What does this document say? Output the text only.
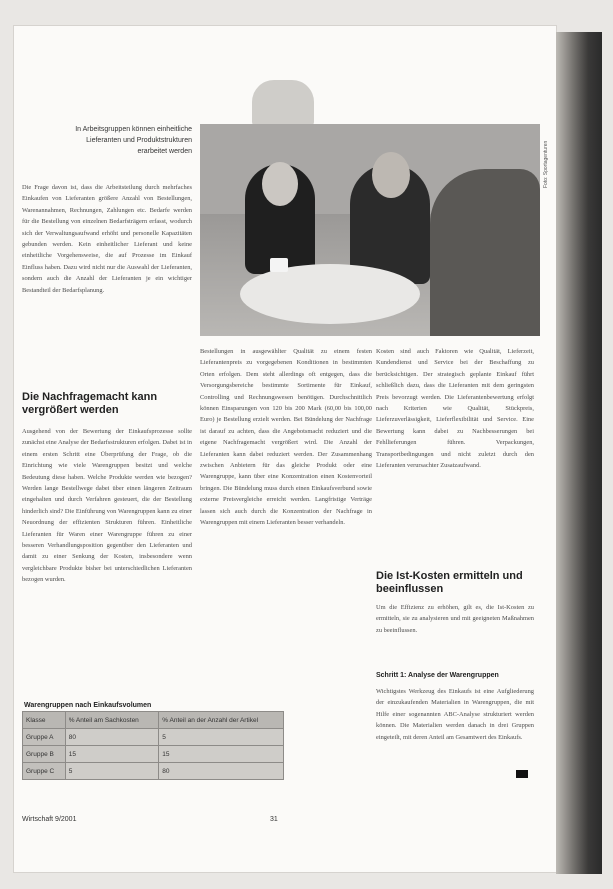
In Arbeitsgruppen können einheitliche Lieferanten und Produktstrukturen erarbeitet werden	Foto: Sportagenturen

Die Frage davon ist, dass die Arbeitsteilung durch mehrfaches Einkaufen von Lieferanten größere Anzahl von Bestellungen, Warenannahmen, Rechnungen, Zahlungen etc. Bedarfe werden für die Bestellung von einzelnen Bedarfsträgern erfasst, wodurch sich der Verwaltungsaufwand erhöht und personelle Kapazitäten gebunden werden. Kein einheitlicher Lieferant und keine einheitliche Vorgehensweise, die auf Prozesse im Einkauf Einfluss haben. Dazu wird nicht nur die Auswahl der Lieferanten, sondern auch die Anzahl der Lieferanten je ein wichtiger Bestandteil der Bedarfsplanung.

Die Nachfragemacht kann vergrößert werden

Ausgehend von der Bewertung der Einkaufsprozesse sollte zunächst eine Analyse der Bedarfsstrukturen erfolgen. Dabei ist in einem ersten Schritt eine Überprüfung der Frage, ob die Einrichtung wie viele Warengruppen besitzt und welche Bedeutung diese haben. Welche Produkte werden wie bezogen? Werden lange Bestellwege dabei über einen längeren Zeitraum eingehalten und durch Verfahren gesteuert, die der Bestellung hinderlich sind? Die Einführung von Warengruppen kann zu einer Neuordnung der effizienten Strukturen führen. Einheitliche Lieferanten für Waren einer Warengruppe führen zu einer besseren Verhandlungsposition gegenüber den Lieferanten und damit zu einer Senkung der Kosten, insbesondere wenn vergleichbare Produkte bisher bei unterschiedlichen Lieferanten bezogen wurden.

Bestellungen in ausgewählter Qualität zu einem festen Lieferantenpreis zu vorgegebenen Konditionen in bestimmten Orten erfolgen. Dem steht allerdings oft entgegen, dass die Versorgungsbereiche bestimmte Sortimente für Einkauf, Controlling und Rechnungswesen benötigen. Durchschnittlich können Einsparungen von 120 bis 200 Mark (60,00 bis 100,00 Euro) je Bestellung erzielt werden. Bei Bündelung der Nachfrage ist darauf zu achten, dass die Angebotsmacht reduziert und die eigene Nachfragemacht vergrößert wird. Die Anzahl der Lieferanten kann dabei reduziert werden. Der Zusammenhang zwischen Anbietern für das gleiche Produkt oder eine Warengruppe, kann über eine Konzentration einen Kostenvorteil bringen. Die Bündelung muss durch einen Einkaufsverbund sowie externe Preisvergleiche erreicht werden. Langfristige Verträge lassen sich auch durch die Konzentration der Nachfrage in Warengruppen mit einem Lieferanten besser verhandeln.

Kosten sind auch Faktoren wie Qualität, Lieferzeit, Kundendienst und Service bei der Beschaffung zu berücksichtigen. Der strategisch geplante Einkauf führt schließlich dazu, dass die Lieferanten mit dem geringsten Preis bevorzugt werden. Die Lieferantenbewertung erfolgt nach Kriterien wie Qualität, Stückpreis, Lieferzuverlässigkeit, Lieferflexibilität und Service. Eine Bewertung kann dabei zu Nachbesserungen bei Fehllieferungen führen. Verpackungen, Transportbedingungen und nicht zuletzt durch den Lieferanten verursachter Zusatzaufwand.

Die Ist-Kosten ermitteln und beeinflussen

Um die Effizienz zu erhöhen, gilt es, die Ist-Kosten zu ermitteln, sie zu analysieren und mit geeigneten Maßnahmen zu beeinflussen.

Schritt 1: Analyse der Warengruppen

Wichtigstes Werkzeug des Einkaufs ist eine Aufgliederung der einzukaufenden Materialien in Warengruppen, die mit Hilfe einer sogenannten ABC-Analyse strukturiert werden können. Die Materialien werden danach in drei Gruppen eingeteilt, mit deren Anteil am Gesamtwert des Einkaufs.

Warengruppen nach Einkaufsvolumen
Klasse	% Anteil am Sachkosten	% Anteil an der Anzahl der Artikel
Gruppe A	80	5
Gruppe B	15	15
Gruppe C	5	80
Wirtschaft 9/2001	31
